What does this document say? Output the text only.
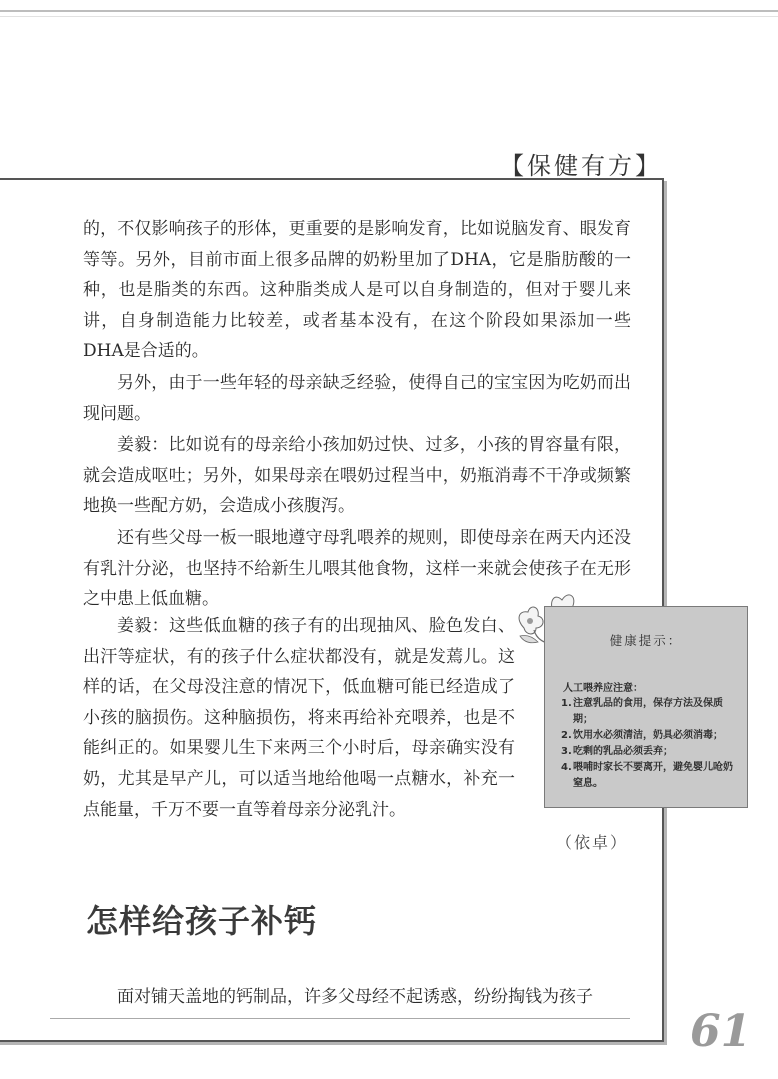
【保健有方】

的，不仅影响孩子的形体，更重要的是影响发育，比如说脑发育、眼发育等等。另外，目前市面上很多品牌的奶粉里加了DHA，它是脂肪酸的一种，也是脂类的东西。这种脂类成人是可以自身制造的，但对于婴儿来讲，自身制造能力比较差，或者基本没有，在这个阶段如果添加一些DHA是合适的。

另外，由于一些年轻的母亲缺乏经验，使得自己的宝宝因为吃奶而出现问题。

姜毅：比如说有的母亲给小孩加奶过快、过多，小孩的胃容量有限，就会造成呕吐；另外，如果母亲在喂奶过程当中，奶瓶消毒不干净或频繁地换一些配方奶，会造成小孩腹泻。

还有些父母一板一眼地遵守母乳喂养的规则，即使母亲在两天内还没有乳汁分泌，也坚持不给新生儿喂其他食物，这样一来就会使孩子在无形之中患上低血糖。

姜毅：这些低血糖的孩子有的出现抽风、脸色发白、出汗等症状，有的孩子什么症状都没有，就是发蔫儿。这样的话，在父母没注意的情况下，低血糖可能已经造成了小孩的脑损伤。这种脑损伤，将来再给补充喂养，也是不能纠正的。如果婴儿生下来两三个小时后，母亲确实没有奶，尤其是早产儿，可以适当地给他喝一点糖水，补充一点能量，千万不要一直等着母亲分泌乳汁。

健康提示：
人工喂养应注意：
1. 注意乳品的食用，保存方法及保质期；
2. 饮用水必须清洁，奶具必须消毒；
3. 吃剩的乳品必须丢弃；
4. 喂哺时家长不要离开，避免婴儿呛奶窒息。
（依卓）
怎样给孩子补钙

面对铺天盖地的钙制品，许多父母经不起诱惑，纷纷掏钱为孩子

61
